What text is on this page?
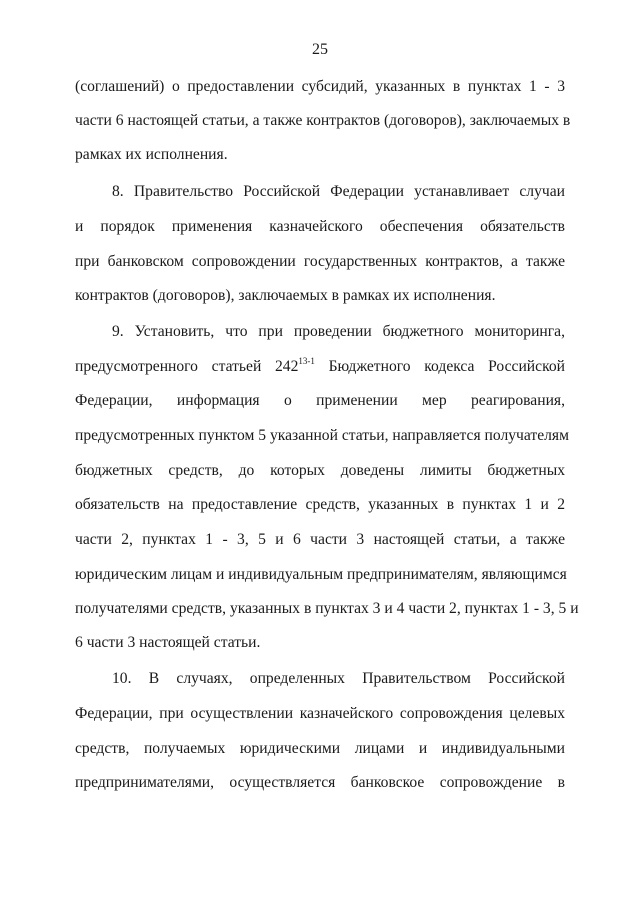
25
(соглашений) о предоставлении субсидий, указанных в пунктах 1 - 3
части 6 настоящей статьи, а также контрактов (договоров), заключаемых в
рамках их исполнения.
8. Правительство Российской Федерации устанавливает случаи
и порядок применения казначейского обеспечения обязательств
при банковском сопровождении государственных контрактов, а также
контрактов (договоров), заключаемых в рамках их исполнения.
9. Установить, что при проведении бюджетного мониторинга,
предусмотренного статьей 242$^{13-1}$ Бюджетного кодекса Российской
Федерации, информация о применении мер реагирования,
предусмотренных пунктом 5 указанной статьи, направляется получателям
бюджетных средств, до которых доведены лимиты бюджетных
обязательств на предоставление средств, указанных в пунктах 1 и 2
части 2, пунктах 1 - 3, 5 и 6 части 3 настоящей статьи, а также
юридическим лицам и индивидуальным предпринимателям, являющимся
получателями средств, указанных в пунктах 3 и 4 части 2, пунктах 1 - 3, 5 и
6 части 3 настоящей статьи.
10. В случаях, определенных Правительством Российской
Федерации, при осуществлении казначейского сопровождения целевых
средств, получаемых юридическими лицами и индивидуальными
предпринимателями, осуществляется банковское сопровождение в
